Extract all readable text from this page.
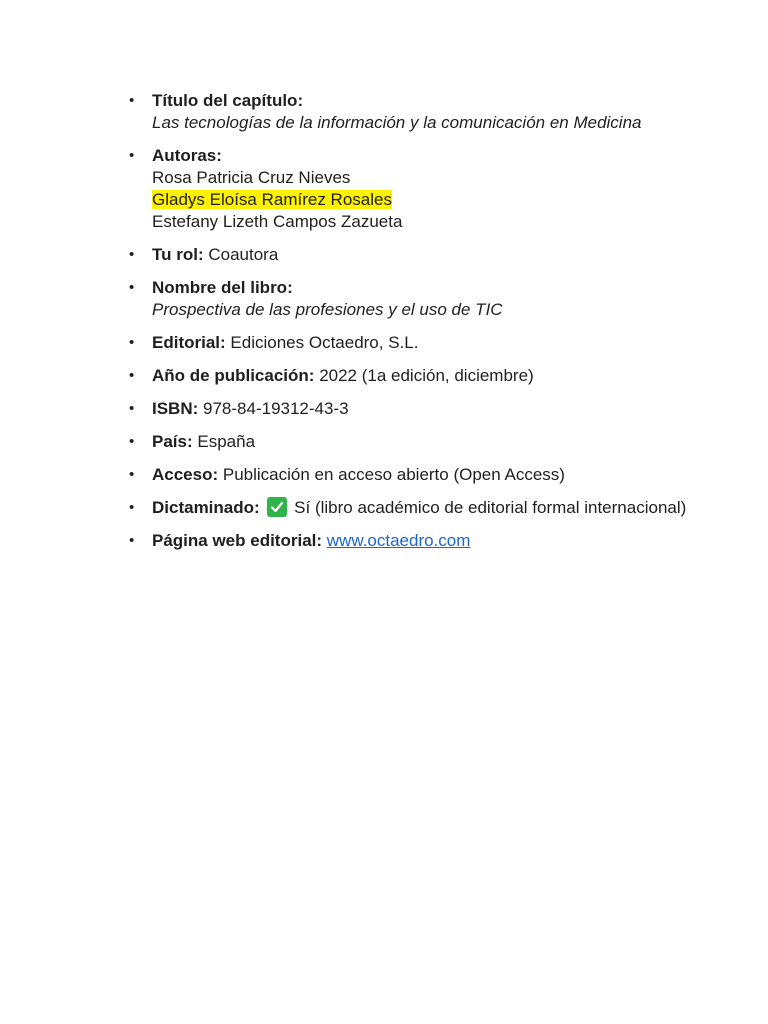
• Título del capítulo:
Las tecnologías de la información y la comunicación en Medicina
• Autoras:
Rosa Patricia Cruz Nieves
Gladys Eloísa Ramírez Rosales
Estefany Lizeth Campos Zazueta
• Tu rol: Coautora
• Nombre del libro:
Prospectiva de las profesiones y el uso de TIC
• Editorial: Ediciones Octaedro, S.L.
• Año de publicación: 2022 (1a edición, diciembre)
• ISBN: 978-84-19312-43-3
• País: España
• Acceso: Publicación en acceso abierto (Open Access)
• Dictaminado: Sí (libro académico de editorial formal internacional)
• Página web editorial: www.octaedro.com
